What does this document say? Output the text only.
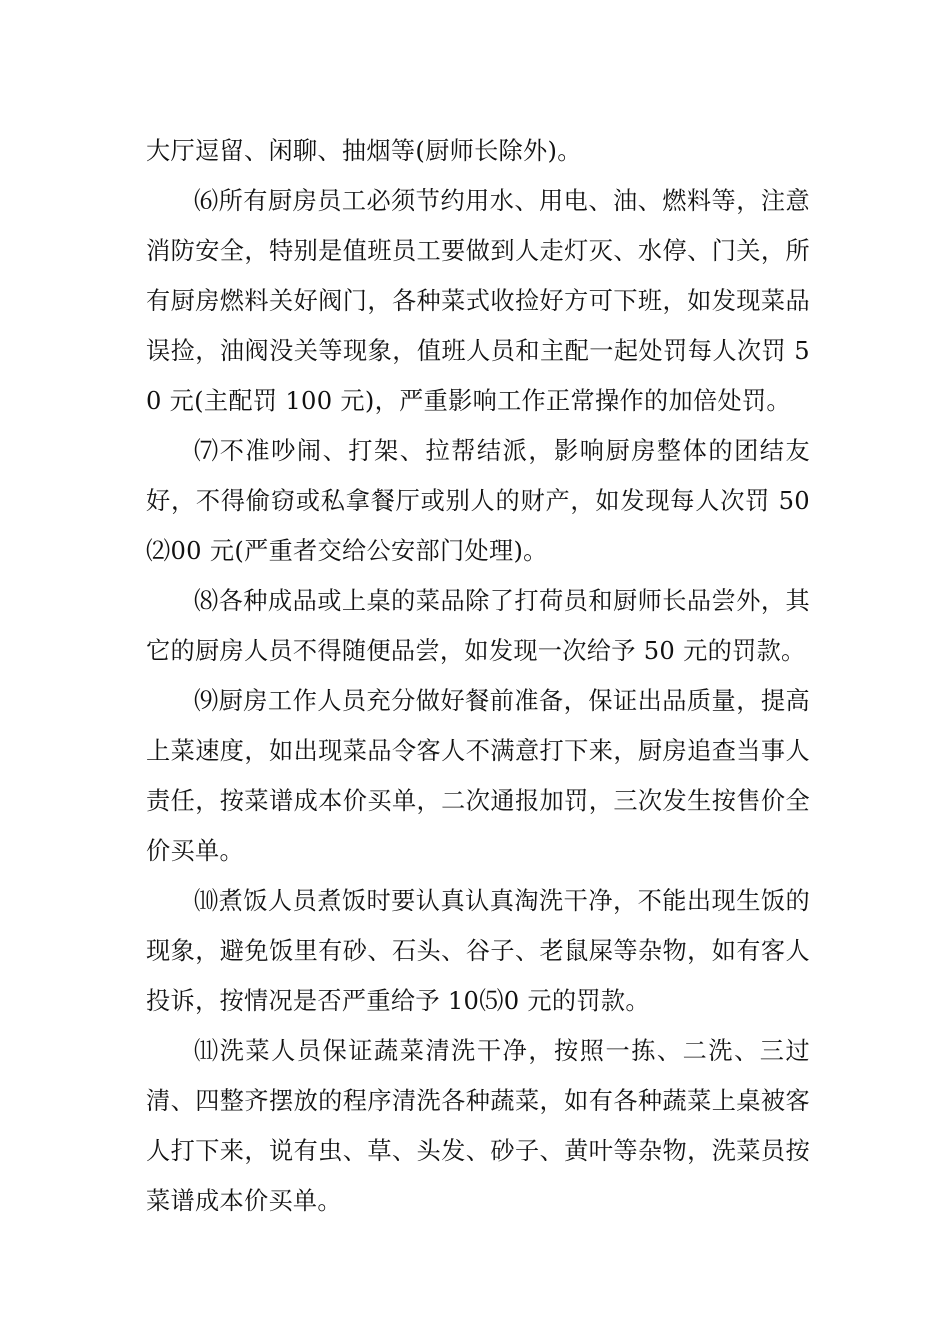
大厅逗留、闲聊、抽烟等(厨师长除外)。

⑹所有厨房员工必须节约用水、用电、油、燃料等，注意消防安全，特别是值班员工要做到人走灯灭、水停、门关，所有厨房燃料关好阀门，各种菜式收捡好方可下班，如发现菜品误捡，油阀没关等现象，值班人员和主配一起处罚每人次罚 50 元(主配罚 100 元)，严重影响工作正常操作的加倍处罚。

⑺不准吵闹、打架、拉帮结派，影响厨房整体的团结友好，不得偷窃或私拿餐厅或别人的财产，如发现每人次罚 50⑵00 元(严重者交给公安部门处理)。

⑻各种成品或上桌的菜品除了打荷员和厨师长品尝外，其它的厨房人员不得随便品尝，如发现一次给予 50 元的罚款。

⑼厨房工作人员充分做好餐前准备，保证出品质量，提高上菜速度，如出现菜品令客人不满意打下来，厨房追查当事人责任，按菜谱成本价买单，二次通报加罚，三次发生按售价全价买单。

⑽煮饭人员煮饭时要认真认真淘洗干净，不能出现生饭的现象，避免饭里有砂、石头、谷子、老鼠屎等杂物，如有客人投诉，按情况是否严重给予 10⑸0 元的罚款。

⑾洗菜人员保证蔬菜清洗干净，按照一拣、二洗、三过清、四整齐摆放的程序清洗各种蔬菜，如有各种蔬菜上桌被客人打下来，说有虫、草、头发、砂子、黄叶等杂物，洗菜员按菜谱成本价买单。
